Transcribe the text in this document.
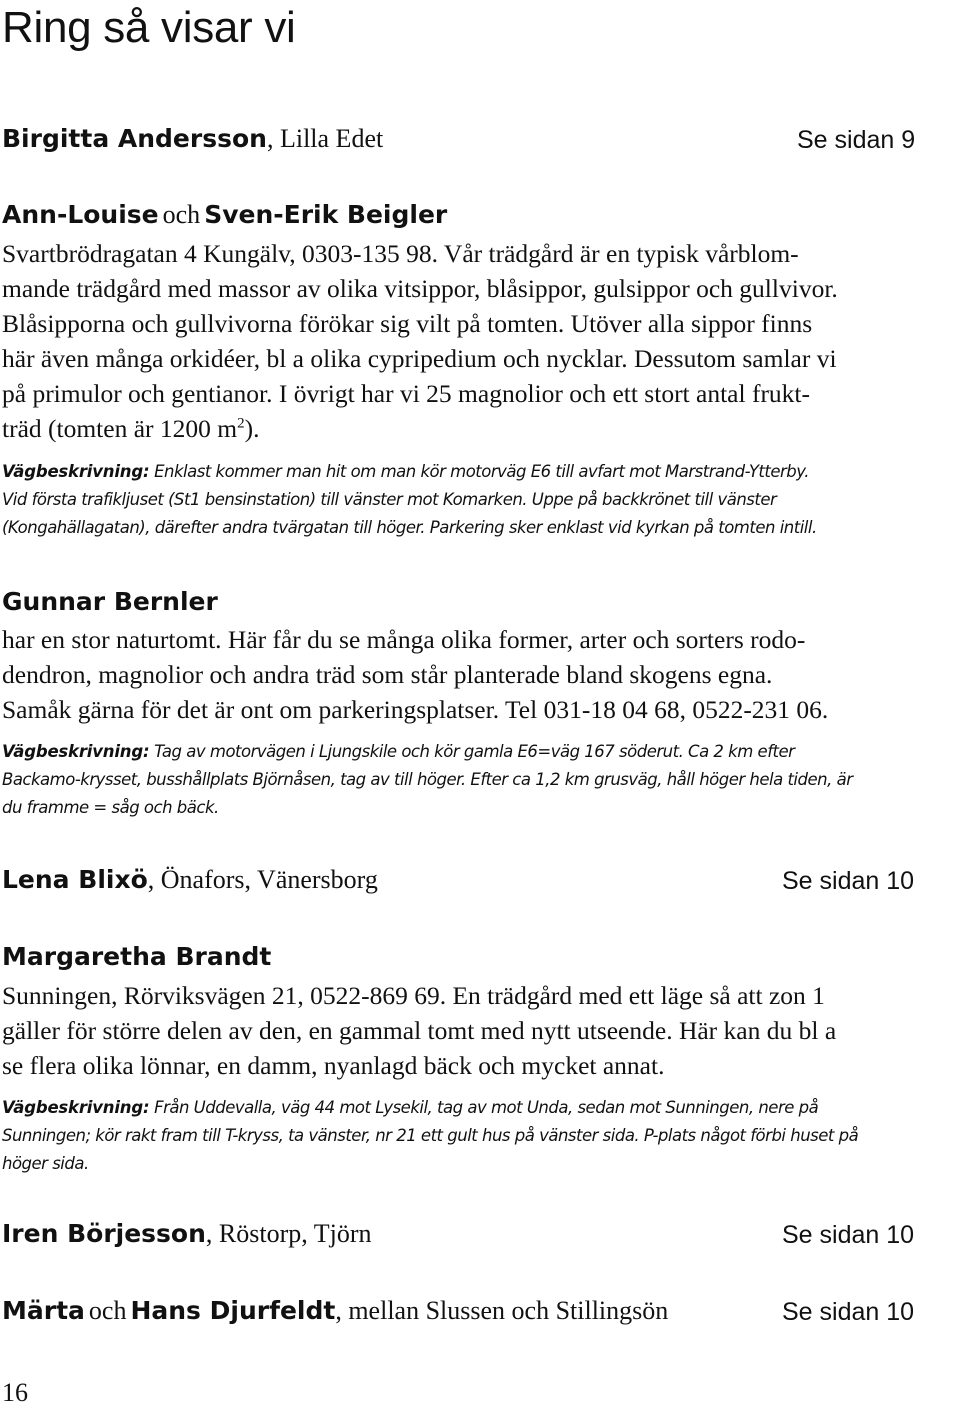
Ring så visar vi
Birgitta Andersson, Lilla Edet	Se sidan 9
Ann-Louise och Sven-Erik Beigler
Svartbrödragatan 4 Kungälv, 0303-135 98. Vår trädgård är en typisk vårblom-
mande trädgård med massor av olika vitsippor, blåsippor, gulsippor och gullvivor.
Blåsipporna och gullvivorna förökar sig vilt på tomten. Utöver alla sippor finns
här även många orkidéer, bl a olika cypripedium och nycklar. Dessutom samlar vi
på primulor och gentianor. I övrigt har vi 25 magnolior och ett stort antal frukt-
träd (tomten är 1200 $m^2$).
Vägbeskrivning: Enklast kommer man hit om man kör motorväg E6 till avfart mot Marstrand-Ytterby.
Vid första trafikljuset (St1 bensinstation) till vänster mot Komarken. Uppe på backkrönet till vänster
(Kongahällagatan), därefter andra tvärgatan till höger. Parkering sker enklast vid kyrkan på tomten intill.
Gunnar Bernler
har en stor naturtomt. Här får du se många olika former, arter och sorters rodo-
dendron, magnolior och andra träd som står planterade bland skogens egna.
Samåk gärna för det är ont om parkeringsplatser. Tel 031-18 04 68, 0522-231 06.
Vägbeskrivning: Tag av motorvägen i Ljungskile och kör gamla E6=väg 167 söderut. Ca 2 km efter
Backamo-krysset, busshållplats Björnåsen, tag av till höger. Efter ca 1,2 km grusväg, håll höger hela tiden, är
du framme = såg och bäck.
Lena Blixö, Önafors, Vänersborg	Se sidan 10
Margaretha Brandt
Sunningen, Rörviksvägen 21, 0522-869 69. En trädgård med ett läge så att zon 1
gäller för större delen av den, en gammal tomt med nytt utseende. Här kan du bl a
se flera olika lönnar, en damm, nyanlagd bäck och mycket annat.
Vägbeskrivning: Från Uddevalla, väg 44 mot Lysekil, tag av mot Unda, sedan mot Sunningen, nere på
Sunningen; kör rakt fram till T-kryss, ta vänster, nr 21 ett gult hus på vänster sida. P-plats något förbi huset på
höger sida.
Iren Börjesson, Röstorp, Tjörn	Se sidan 10
Märta och Hans Djurfeldt, mellan Slussen och Stillingsön	Se sidan 10
16
